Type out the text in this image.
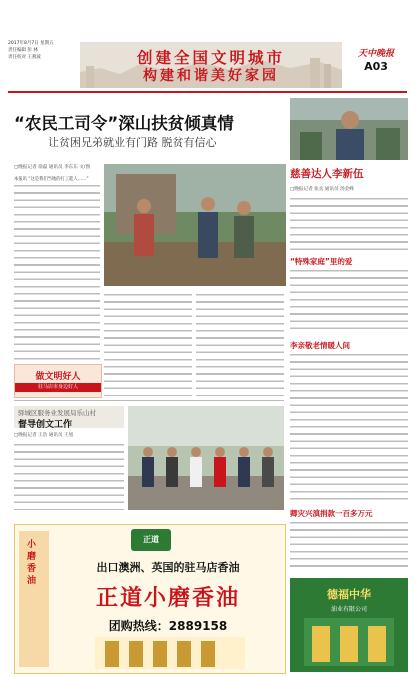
2017年8月7日 星期五
责任编辑 彭 林
责任校对 王燕波	创建全国文明城市
构建和谐美好家园
天中晚报
A03
“农民工司令”深山扶贫倾真情
让贫困兄弟就业有门路 脱贫有信心
慈善达人李新伍
□晚报记者 张丞 通讯员 汤金峰
□晚报记者 徐磊 通讯员 李东东 文/图
本报讯 “这是我们当地的打工能人……”
做文明好人
驻马店市身边好人
“特殊家庭”里的爱
李亲敬老情暖人间
卿灾兴滇捐款一百多万元
驿城区服务业发展局乐山村
督导创文工作
□晚报记者 王浩 通讯员 王旭
小磨香油
正道
出口澳洲、英国的驻马店香油
正道小磨香油
团购热线：2889158
德福中华
油业有限公司
